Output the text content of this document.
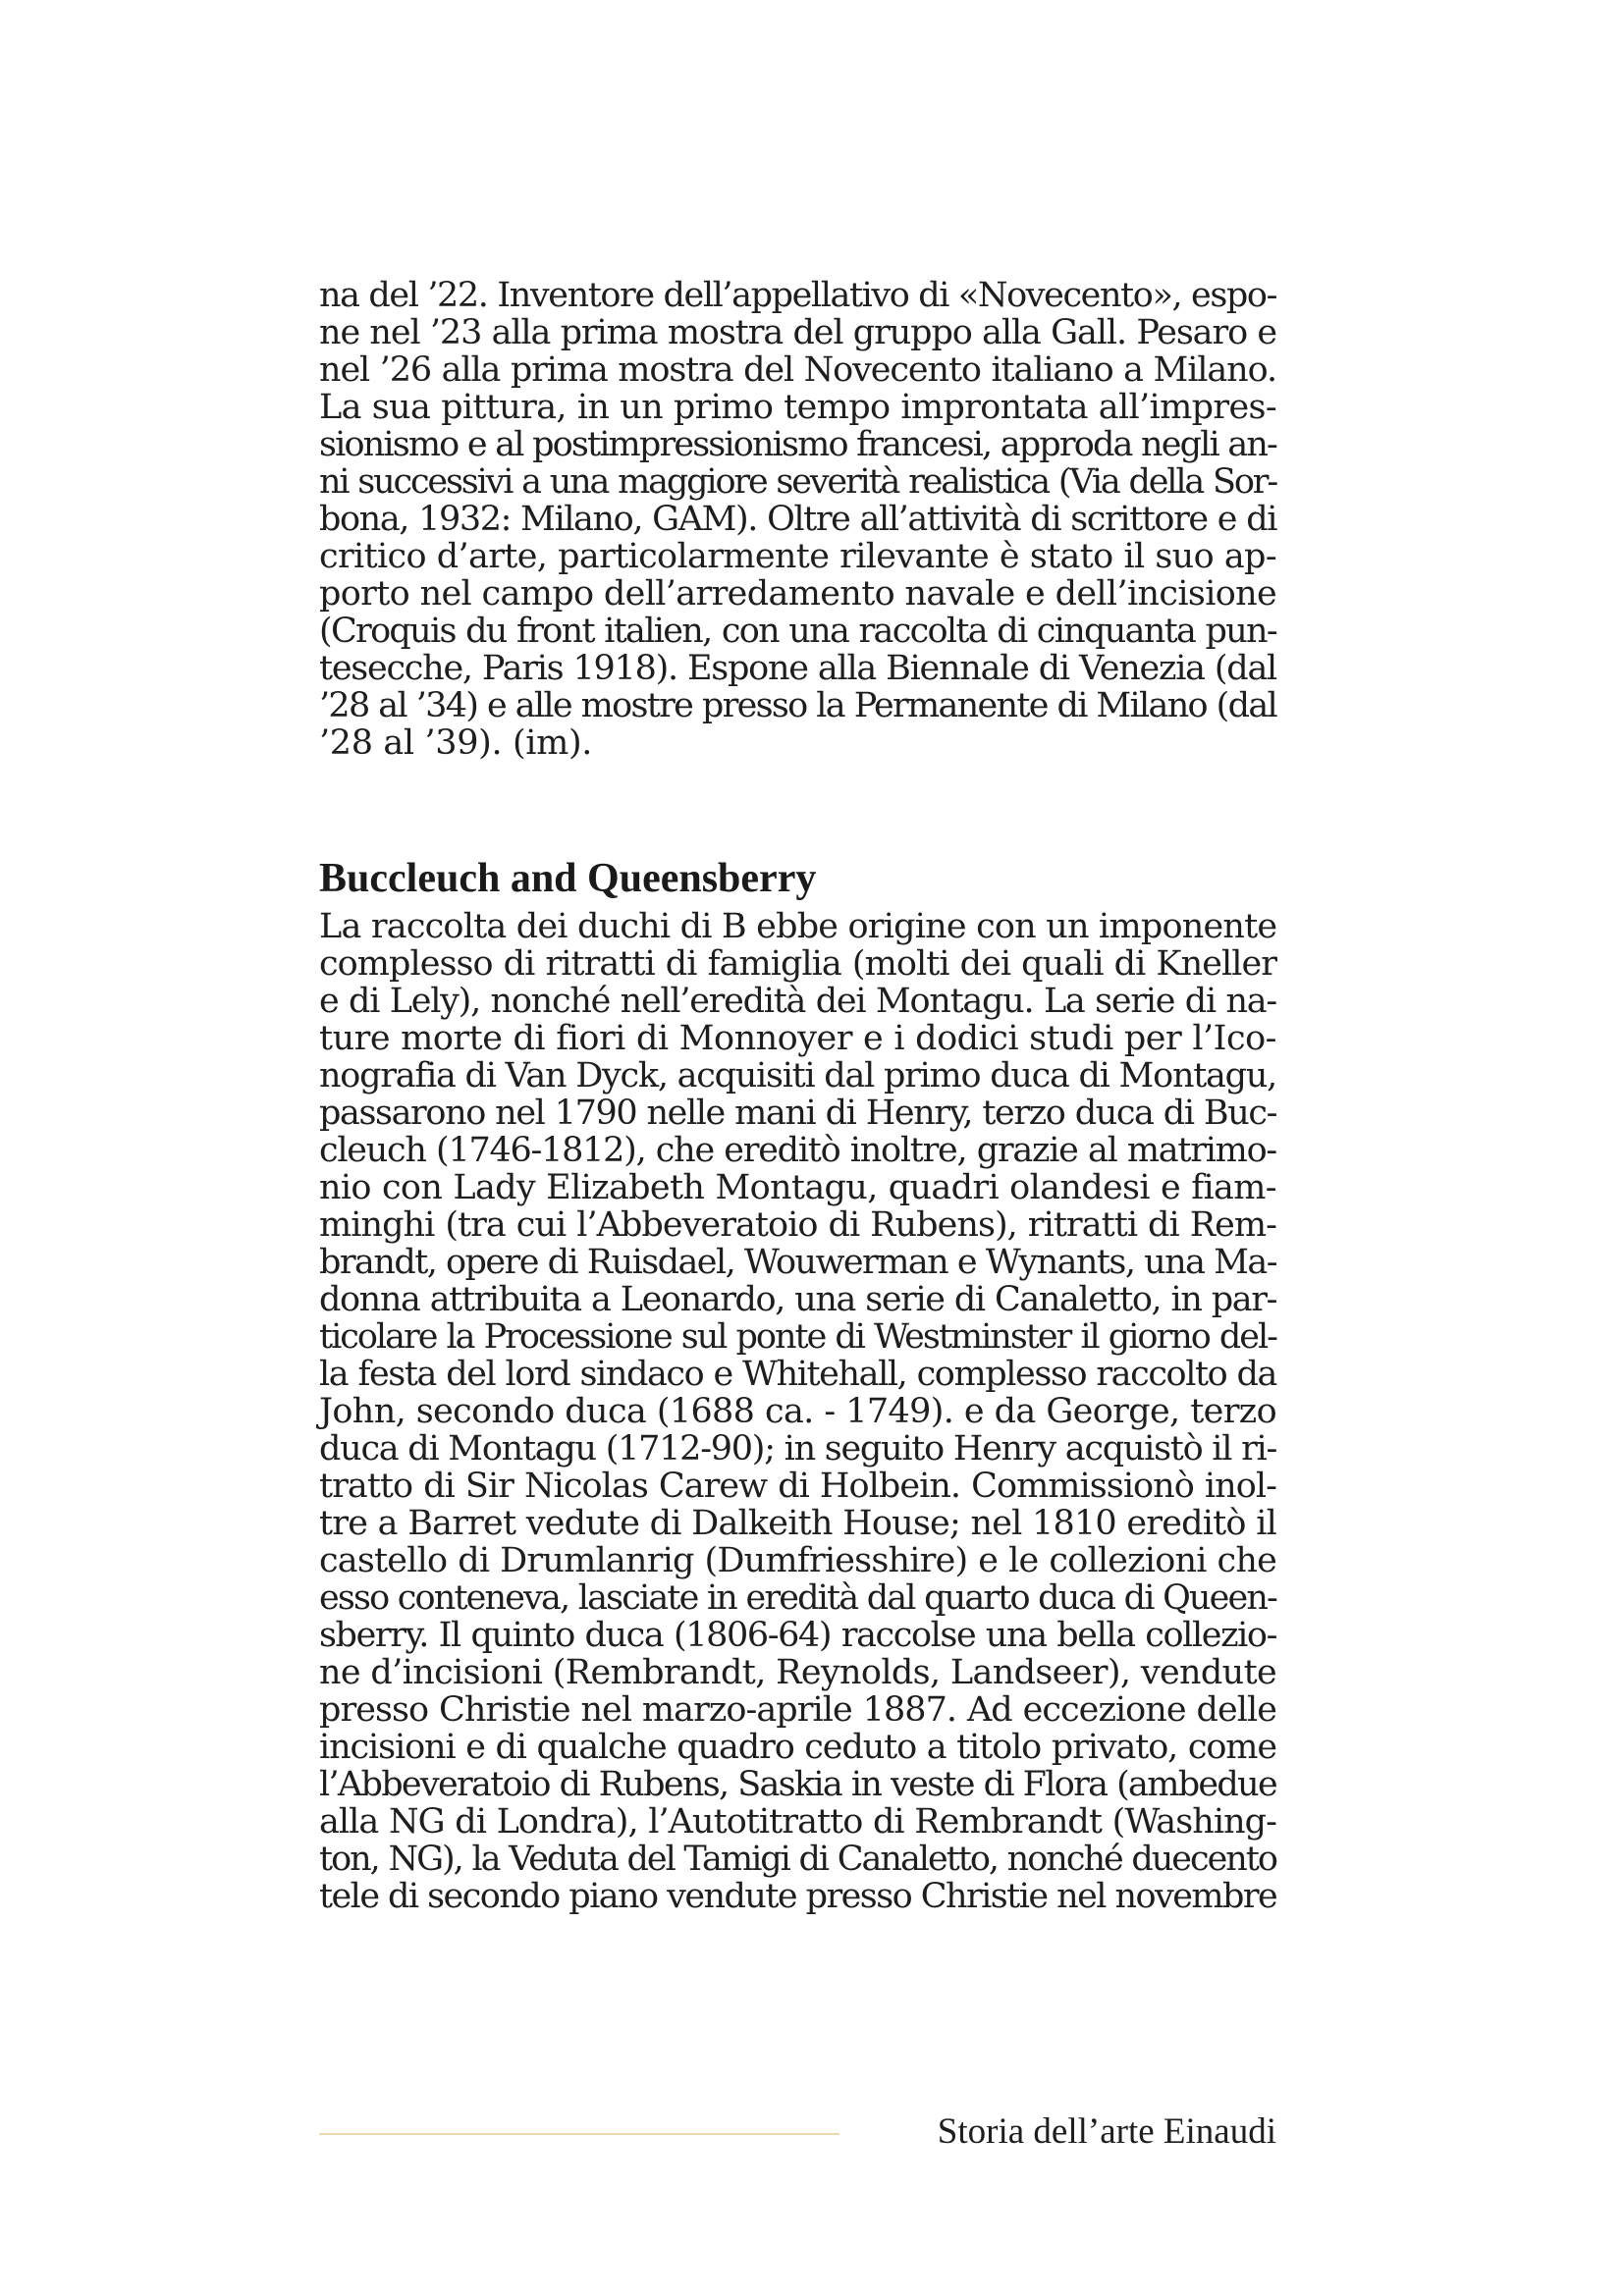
na del ’22. Inventore dell’appellativo di «Novecento», espo-
ne nel ’23 alla prima mostra del gruppo alla Gall. Pesaro e
nel ’26 alla prima mostra del Novecento italiano a Milano.
La sua pittura, in un primo tempo improntata all’impres-
sionismo e al postimpressionismo francesi, approda negli an-
ni successivi a una maggiore severità realistica (Via della Sor-
bona, 1932: Milano, GAM). Oltre all’attività di scrittore e di
critico d’arte, particolarmente rilevante è stato il suo ap-
porto nel campo dell’arredamento navale e dell’incisione
(Croquis du front italien, con una raccolta di cinquanta pun-
tesecche, Paris 1918). Espone alla Biennale di Venezia (dal
’28 al ’34) e alle mostre presso la Permanente di Milano (dal
’28 al ’39). (im).
Buccleuch and Queensberry
La raccolta dei duchi di B ebbe origine con un imponente
complesso di ritratti di famiglia (molti dei quali di Kneller
e di Lely), nonché nell’eredità dei Montagu. La serie di na-
ture morte di fiori di Monnoyer e i dodici studi per l’Ico-
nografia di Van Dyck, acquisiti dal primo duca di Montagu,
passarono nel 1790 nelle mani di Henry, terzo duca di Buc-
cleuch (1746-1812), che ereditò inoltre, grazie al matrimo-
nio con Lady Elizabeth Montagu, quadri olandesi e fiam-
minghi (tra cui l’Abbeveratoio di Rubens), ritratti di Rem-
brandt, opere di Ruisdael, Wouwerman e Wynants, una Ma-
donna attribuita a Leonardo, una serie di Canaletto, in par-
ticolare la Processione sul ponte di Westminster il giorno del-
la festa del lord sindaco e Whitehall, complesso raccolto da
John, secondo duca (1688 ca. - 1749). e da George, terzo
duca di Montagu (1712-90); in seguito Henry acquistò il ri-
tratto di Sir Nicolas Carew di Holbein. Commissionò inol-
tre a Barret vedute di Dalkeith House; nel 1810 ereditò il
castello di Drumlanrig (Dumfriesshire) e le collezioni che
esso conteneva, lasciate in eredità dal quarto duca di Queen-
sberry. Il quinto duca (1806-64) raccolse una bella collezio-
ne d’incisioni (Rembrandt, Reynolds, Landseer), vendute
presso Christie nel marzo-aprile 1887. Ad eccezione delle
incisioni e di qualche quadro ceduto a titolo privato, come
l’Abbeveratoio di Rubens, Saskia in veste di Flora (ambedue
alla NG di Londra), l’Autotitratto di Rembrandt (Washing-
ton, NG), la Veduta del Tamigi di Canaletto, nonché duecento
tele di secondo piano vendute presso Christie nel novembre
Storia dell’arte Einaudi
